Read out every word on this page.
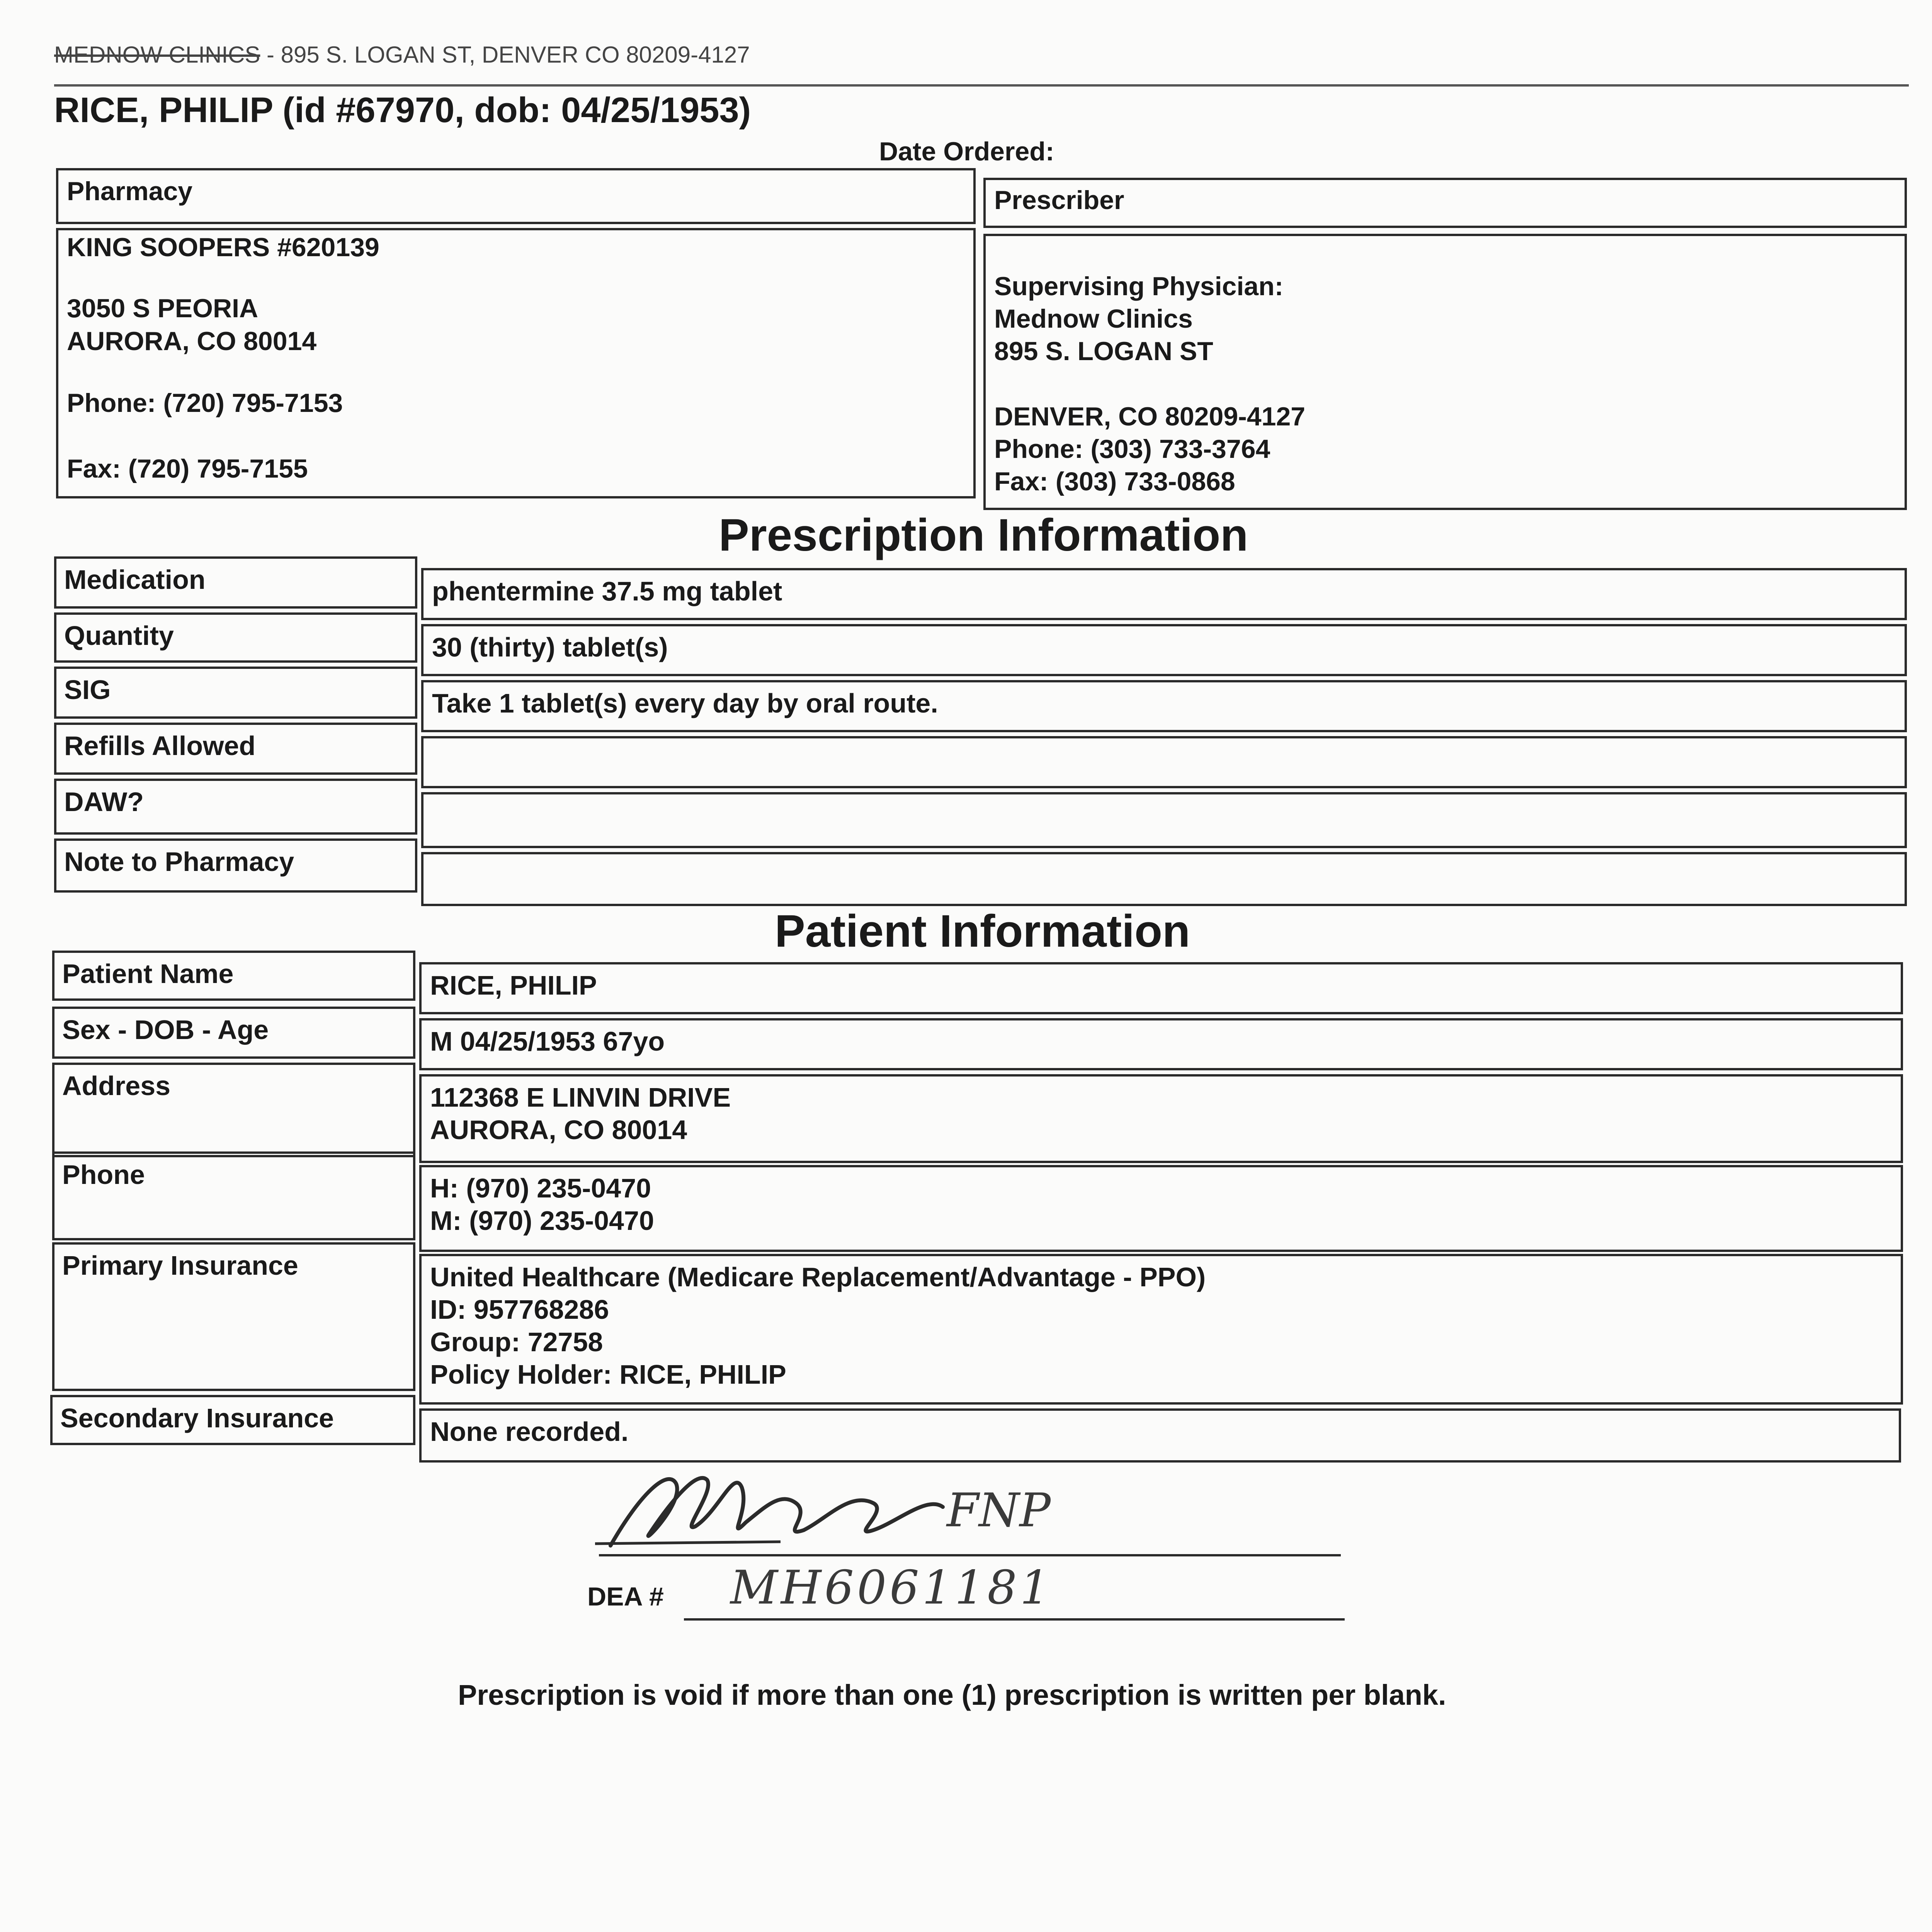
MEDNOW CLINICS - 895 S. LOGAN ST, DENVER CO 80209-4127
RICE, PHILIP (id #67970, dob: 04/25/1953)
Date Ordered:
Pharmacy
KING SOOPERS #620139
3050 S PEORIA
AURORA, CO 80014
Phone: (720) 795-7153
Fax: (720) 795-7155
Prescriber
Supervising Physician:
Mednow Clinics
895 S. LOGAN ST
DENVER, CO 80209-4127
Phone: (303) 733-3764
Fax: (303) 733-0868
Prescription Information
Medication	phentermine 37.5 mg tablet
Quantity	30 (thirty) tablet(s)
SIG	Take 1 tablet(s) every day by oral route.
Refills Allowed
DAW?
Note to Pharmacy
Patient Information
Patient Name	RICE, PHILIP
Sex - DOB - Age	M 04/25/1953 67yo
Address	112368 E LINVIN DRIVE
AURORA, CO 80014
Phone	H: (970) 235-0470
M: (970) 235-0470
Primary Insurance	United Healthcare (Medicare Replacement/Advantage - PPO)
ID: 957768286
Group: 72758
Policy Holder: RICE, PHILIP
Secondary Insurance	None recorded.
FNP
DEA # MH6061181
Prescription is void if more than one (1) prescription is written per blank.
